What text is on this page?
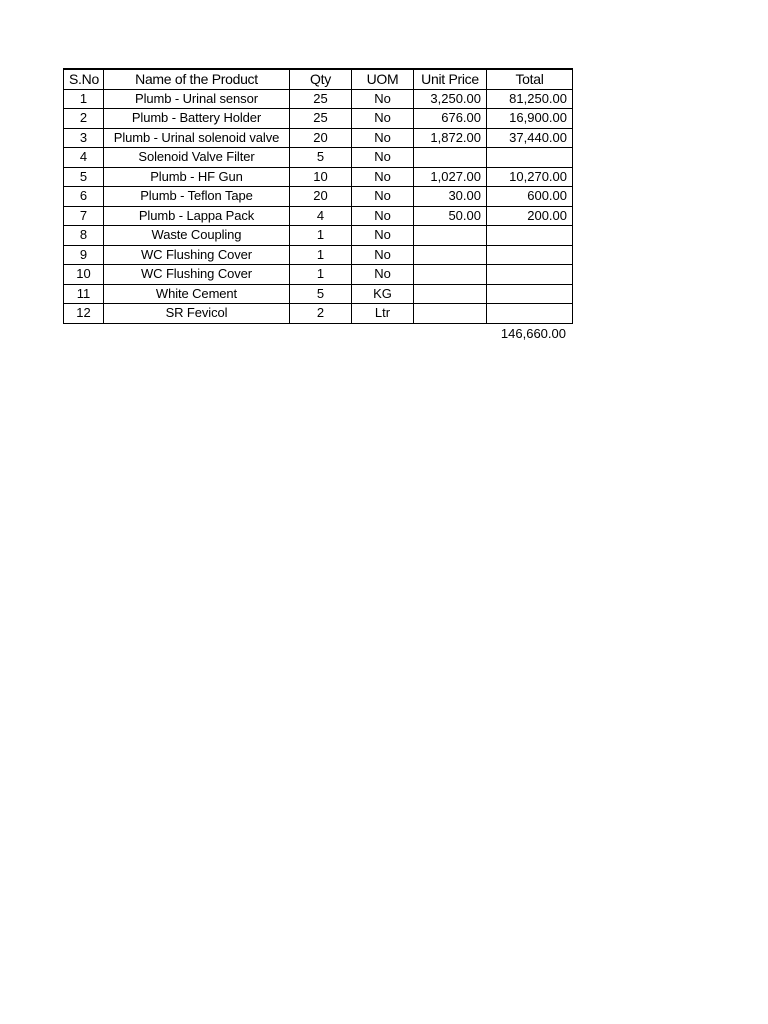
S.No	Name of the Product	Qty	UOM	Unit Price	Total
1	Plumb - Urinal sensor	25	No	3,250.00	81,250.00
2	Plumb - Battery Holder	25	No	676.00	16,900.00
3	Plumb - Urinal solenoid valve	20	No	1,872.00	37,440.00
4	Solenoid Valve Filter	5	No		
5	Plumb - HF Gun	10	No	1,027.00	10,270.00
6	Plumb - Teflon Tape	20	No	30.00	600.00
7	Plumb - Lappa Pack	4	No	50.00	200.00
8	Waste Coupling	1	No		
9	WC Flushing Cover	1	No		
10	WC Flushing Cover	1	No		
11	White Cement	5	KG		
12	SR Fevicol	2	Ltr		
146,660.00
